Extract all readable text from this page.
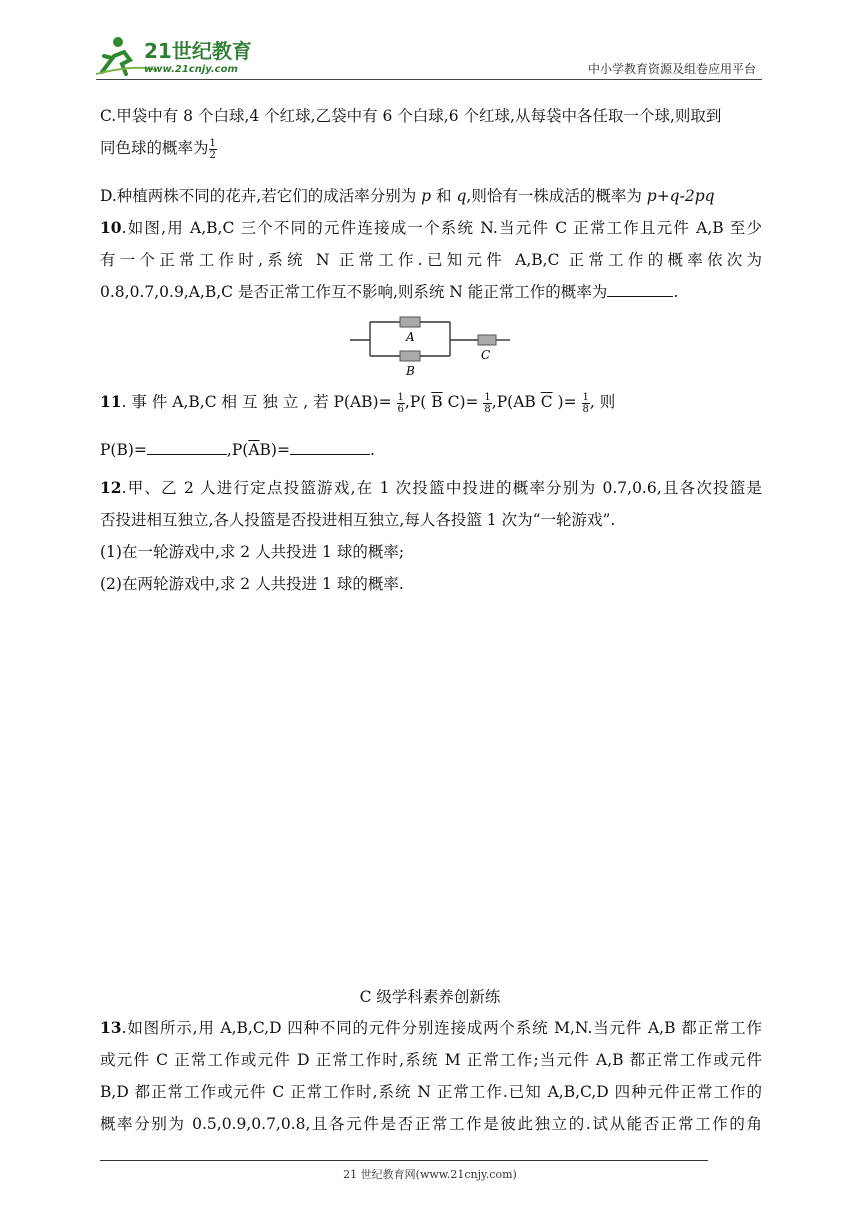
21世纪教育
www.21cnjy.com	中小学教育资源及组卷应用平台
C.甲袋中有 8 个白球,4 个红球,乙袋中有 6 个白球,6 个红球,从每袋中各任取一个球,则取到
同色球的概率为 $\frac{1}{2}$
D.种植两株不同的花卉,若它们的成活率分别为 p 和 q,则恰有一株成活的概率为 p+q-2pq
10.如图,用 A,B,C 三个不同的元件连接成一个系统 N.当元件 C 正常工作且元件 A,B 至少
有一个正常工作时,系统 N 正常工作.已知元件 A,B,C 正常工作的概率依次为
0.8,0.7,0.9,A,B,C 是否正常工作互不影响,则系统 N 能正常工作的概率为	.
A
B
C
11. 事 件 A,B,C 相 互 独 立 , 若 $P(AB)= \frac{1}{6} ,P$( $\overline{B}$ $C)= \frac{1}{8} ,P(AB$ $\overline{C}$ )= $\frac{1}{8}$ , 则
P(B)=	$,P(\overline{A}B)=$	.
12.甲、乙 2 人进行定点投篮游戏,在 1 次投篮中投进的概率分别为 0.7,0.6,且各次投篮是
否投进相互独立,各人投篮是否投进相互独立,每人各投篮 1 次为“一轮游戏”.
(1)在一轮游戏中,求 2 人共投进 1 球的概率;
(2)在两轮游戏中,求 2 人共投进 1 球的概率.
C 级学科素养创新练
13.如图所示,用 A,B,C,D 四种不同的元件分别连接成两个系统 M,N.当元件 A,B 都正常工作
或元件 C 正常工作或元件 D 正常工作时,系统 M 正常工作;当元件 A,B 都正常工作或元件
B,D 都正常工作或元件 C 正常工作时,系统 N 正常工作.已知 A,B,C,D 四种元件正常工作的
概率分别为 0.5,0.9,0.7,0.8,且各元件是否正常工作是彼此独立的.试从能否正常工作的角
21 世纪教育网(www.21cnjy.com)
